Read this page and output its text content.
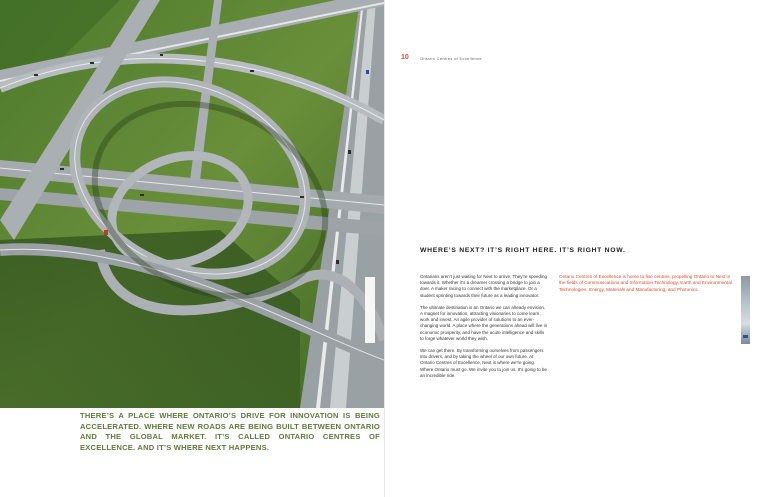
THERE’S A PLACE WHERE ONTARIO’S DRIVE FOR INNOVATION IS BEING ACCELERATED. WHERE NEW ROADS ARE BEING BUILT BETWEEN ONTARIO AND THE GLOBAL MARKET. IT’S CALLED ONTARIO CENTRES OF EXCELLENCE. AND IT’S WHERE NEXT HAPPENS.
10	Ontario Centres of Excellence
WHERE’S NEXT? IT’S RIGHT HERE. IT’S RIGHT NOW.

Ontarians aren’t just waiting for Next to arrive. They’re speeding towards it. Whether it’s a dreamer crossing a bridge to join a doer. A maker racing to connect with the marketplace. Or a student sprinting towards their future as a leading innovator.

The ultimate destination is an Ontario we can already envision. A magnet for innovation, attracting visionaries to come learn, work and invest. An agile provider of solutions to an ever-changing world. A place where the generations ahead will live in economic prosperity, and have the acute intelligence and skills to forge whatever world they wish.

We can get there. By transforming ourselves from passengers into drivers, and by taking the wheel of our own future. At Ontario Centres of Excellence, Next is where we’re going. Where Ontario must go. We invite you to join us. It’s going to be an incredible ride.

Ontario Centres of Excellence is home to five centres, propelling Ontario to Next in the fields of Communications and Information Technology, Earth and Environmental Technologies, Energy, Materials and Manufacturing, and Photonics.
